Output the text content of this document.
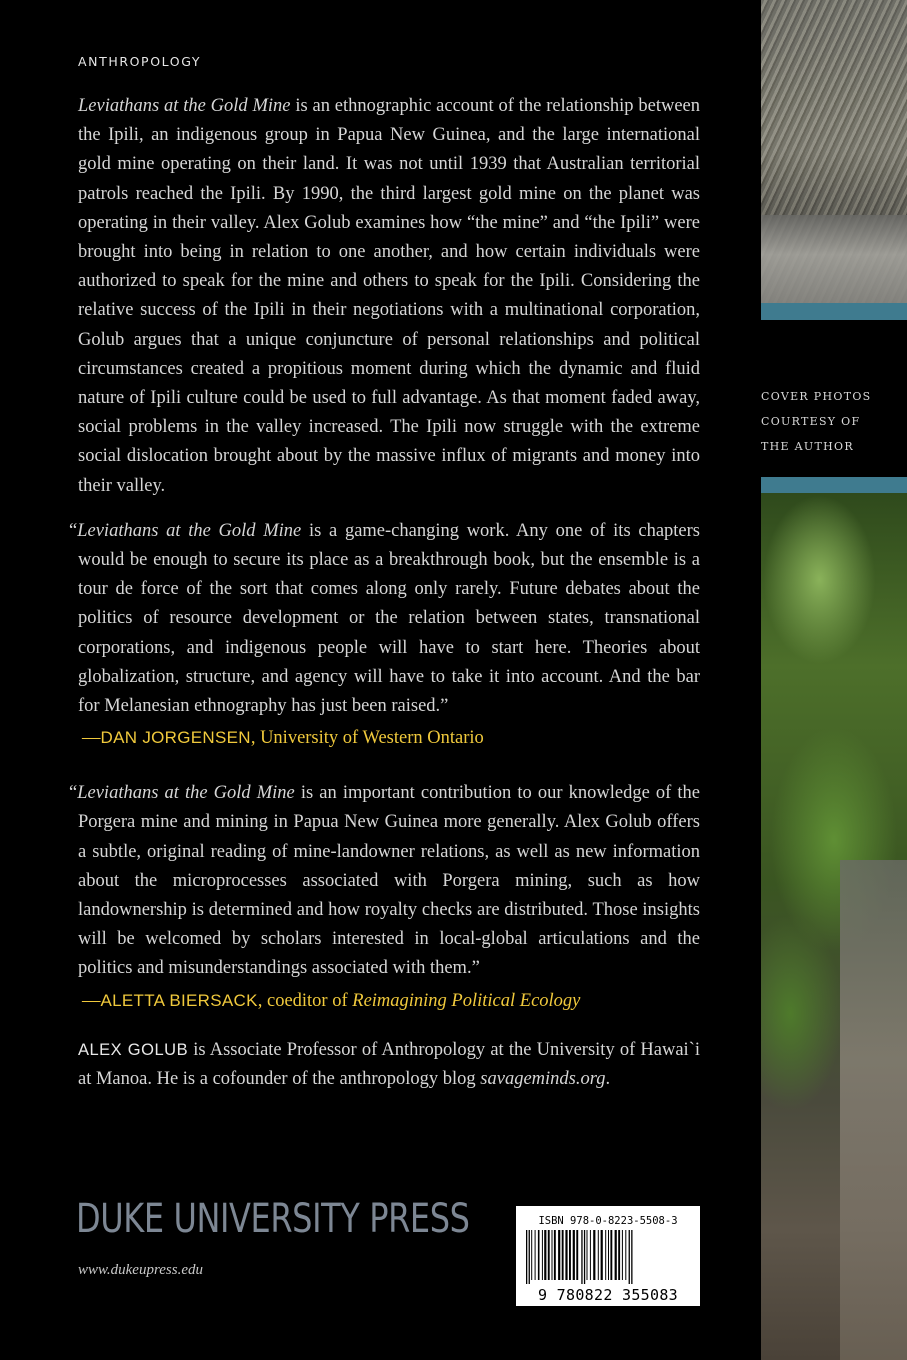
ANTHROPOLOGY

Leviathans at the Gold Mine is an ethnographic account of the relationship between the Ipili, an indigenous group in Papua New Guinea, and the large international gold mine operating on their land. It was not until 1939 that Australian territorial patrols reached the Ipili. By 1990, the third largest gold mine on the planet was operating in their valley. Alex Golub examines how “the mine” and “the Ipili” were brought into being in relation to one another, and how certain individuals were authorized to speak for the mine and others to speak for the Ipili. Considering the relative success of the Ipili in their negotiations with a multinational corporation, Golub argues that a unique conjuncture of personal relationships and political circumstances created a propitious moment during which the dynamic and fluid nature of Ipili culture could be used to full advantage. As that moment faded away, social problems in the valley increased. The Ipili now struggle with the extreme social dislocation brought about by the massive influx of migrants and money into their valley.

“Leviathans at the Gold Mine is a game-changing work. Any one of its chapters would be enough to secure its place as a breakthrough book, but the ensemble is a tour de force of the sort that comes along only rarely. Future debates about the politics of resource development or the relation between states, transnational corporations, and indigenous people will have to start here. Theories about globalization, structure, and agency will have to take it into account. And the bar for Melanesian ethnography has just been raised.”

—DAN JORGENSEN, University of Western Ontario

“Leviathans at the Gold Mine is an important contribution to our knowledge of the Porgera mine and mining in Papua New Guinea more generally. Alex Golub offers a subtle, original reading of mine-landowner relations, as well as new information about the microprocesses associated with Porgera mining, such as how landownership is determined and how royalty checks are distributed. Those insights will be welcomed by scholars interested in local-global articulations and the politics and misunderstandings associated with them.”

—ALETTA BIERSACK, coeditor of Reimagining Political Ecology

ALEX GOLUB is Associate Professor of Anthropology at the University of Hawai`i at Manoa. He is a cofounder of the anthropology blog savageminds.org.

DUKE UNIVERSITY PRESS
www.dukeupress.edu
ISBN 978-0-8223-5508-3
9 780822 355083
COVER PHOTOS
COURTESY OF
THE AUTHOR
